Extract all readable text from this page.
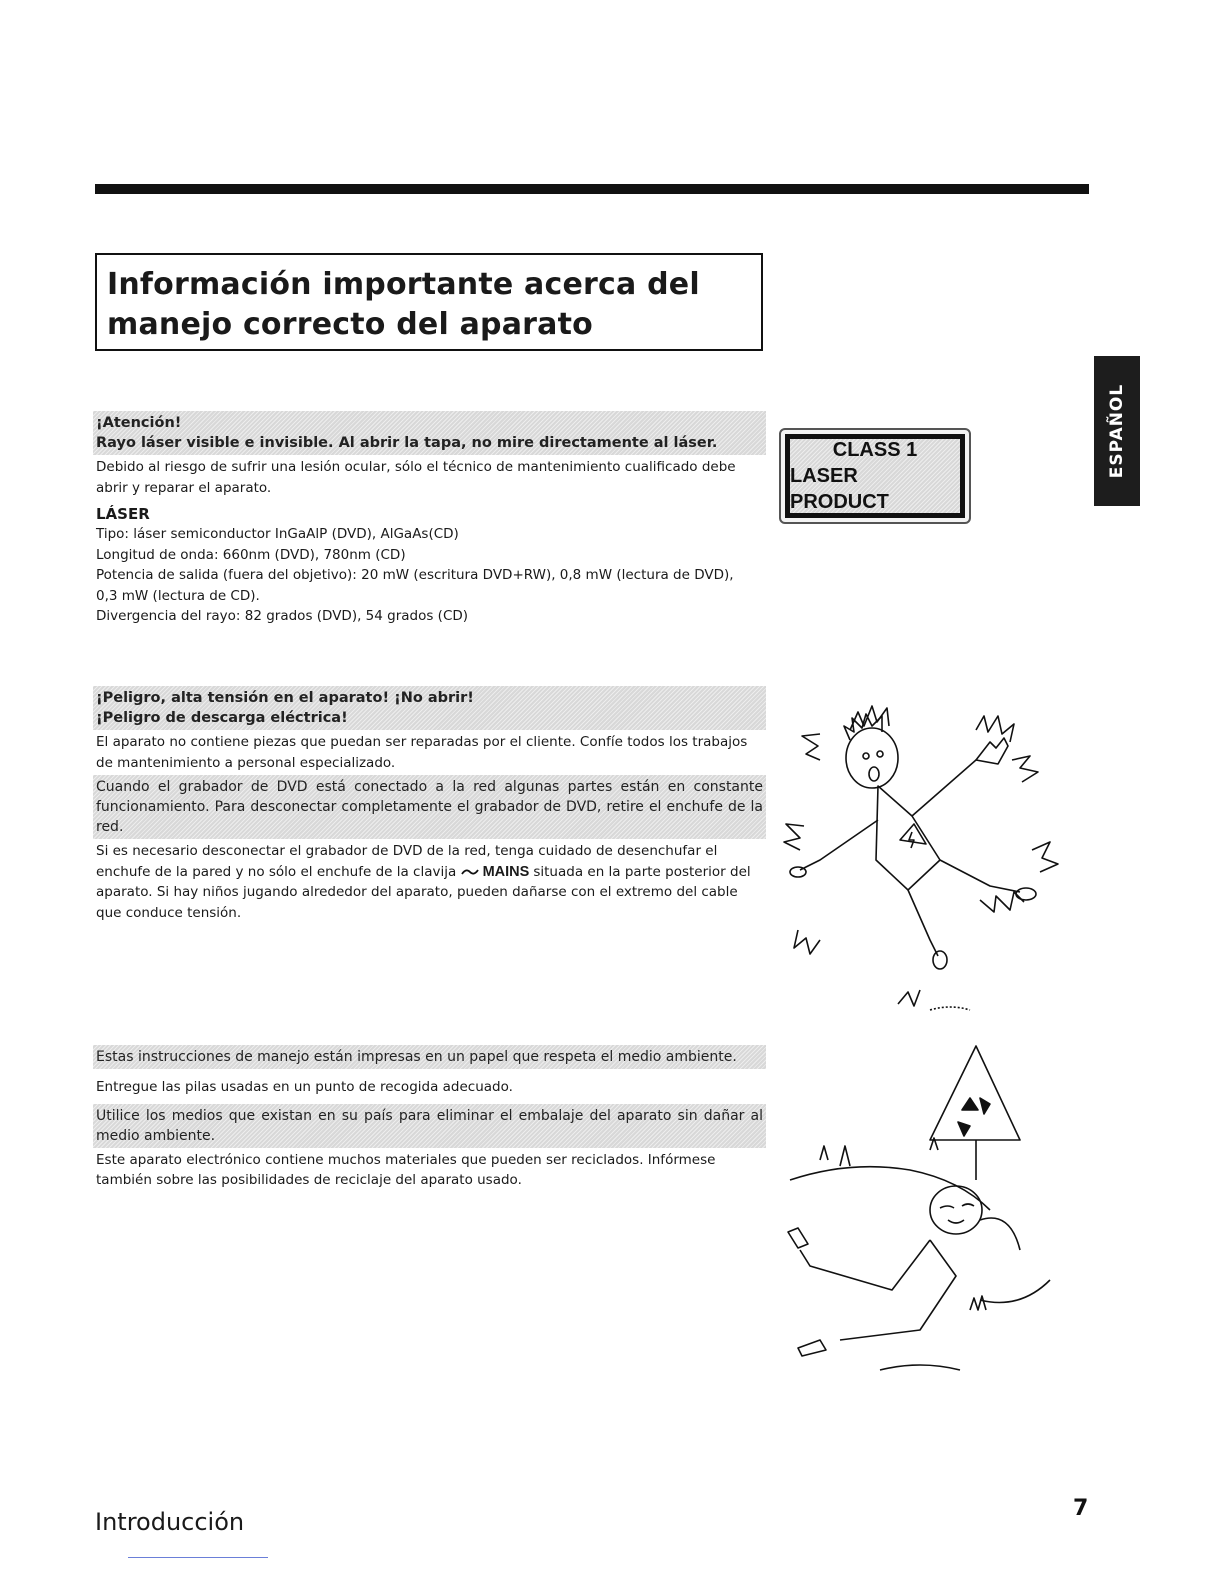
Información importante acerca del
manejo correcto del aparato
ESPAÑOL
¡Atención!
Rayo láser visible e invisible. Al abrir la tapa, no mire directamente al láser.
Debido al riesgo de sufrir una lesión ocular, sólo el técnico de mantenimiento cualificado debe abrir y reparar el aparato.
LÁSER
Tipo: láser semiconductor InGaAlP (DVD), AlGaAs(CD)
Longitud de onda: 660nm (DVD), 780nm (CD)
Potencia de salida (fuera del objetivo): 20 mW (escritura DVD+RW), 0,8 mW (lectura de DVD), 0,3 mW (lectura de CD).
Divergencia del rayo: 82 grados (DVD), 54 grados (CD)
CLASS 1
LASER PRODUCT
¡Peligro, alta tensión en el aparato! ¡No abrir!
¡Peligro de descarga eléctrica!
El aparato no contiene piezas que puedan ser reparadas por el cliente. Confíe todos los trabajos de mantenimiento a personal especializado.
Cuando el grabador de DVD está conectado a la red algunas partes están en constante funcionamiento. Para desconectar completamente el grabador de DVD, retire el enchufe de la red.
Si es necesario desconectar el grabador de DVD de la red, tenga cuidado de desenchufar el enchufe de la pared y no sólo el enchufe de la clavija MAINS situada en la parte posterior del aparato. Si hay niños jugando alrededor del aparato, pueden dañarse con el extremo del cable que conduce tensión.
Estas instrucciones de manejo están impresas en un papel que respeta el medio ambiente.
Entregue las pilas usadas en un punto de recogida adecuado.
Utilice los medios que existan en su país para eliminar el embalaje del aparato sin dañar al medio ambiente.
Este aparato electrónico contiene muchos materiales que pueden ser reciclados. Infórmese también sobre las posibilidades de reciclaje del aparato usado.
Introducción	7
